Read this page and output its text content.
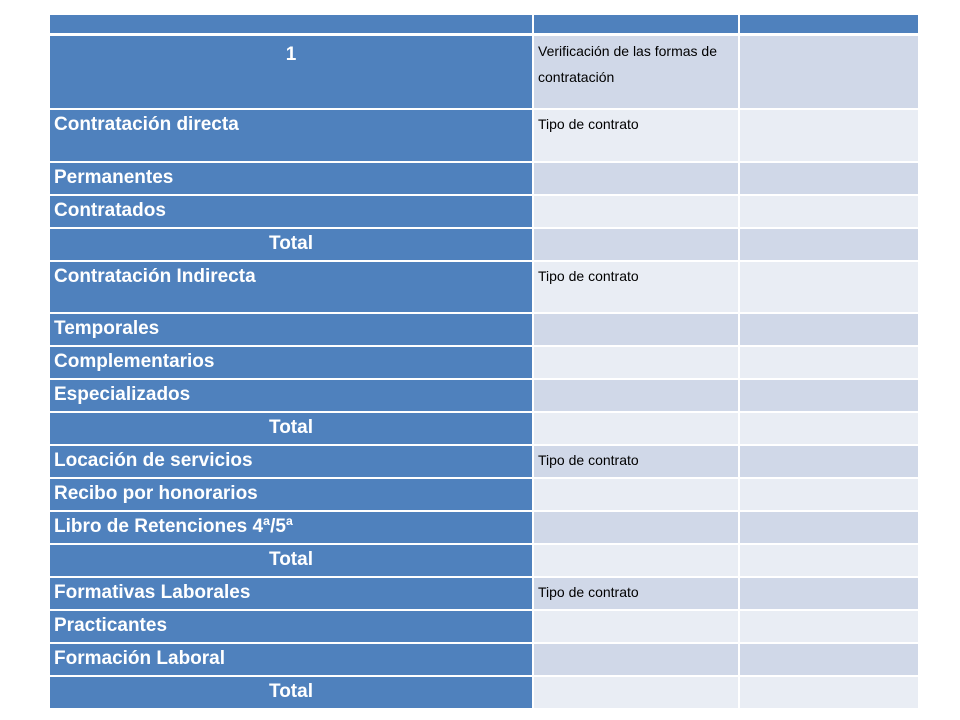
1	Verificación de las formas de contratación	
Contratación directa	Tipo de contrato	
Permanentes		
Contratados		
Total		
Contratación Indirecta	Tipo de contrato	
Temporales		
Complementarios		
Especializados		
Total		
Locación de servicios	Tipo de contrato	
Recibo por honorarios		
Libro de Retenciones 4ª/5ª		
Total		
Formativas Laborales	Tipo de contrato	
Practicantes		
Formación Laboral		
Total		
